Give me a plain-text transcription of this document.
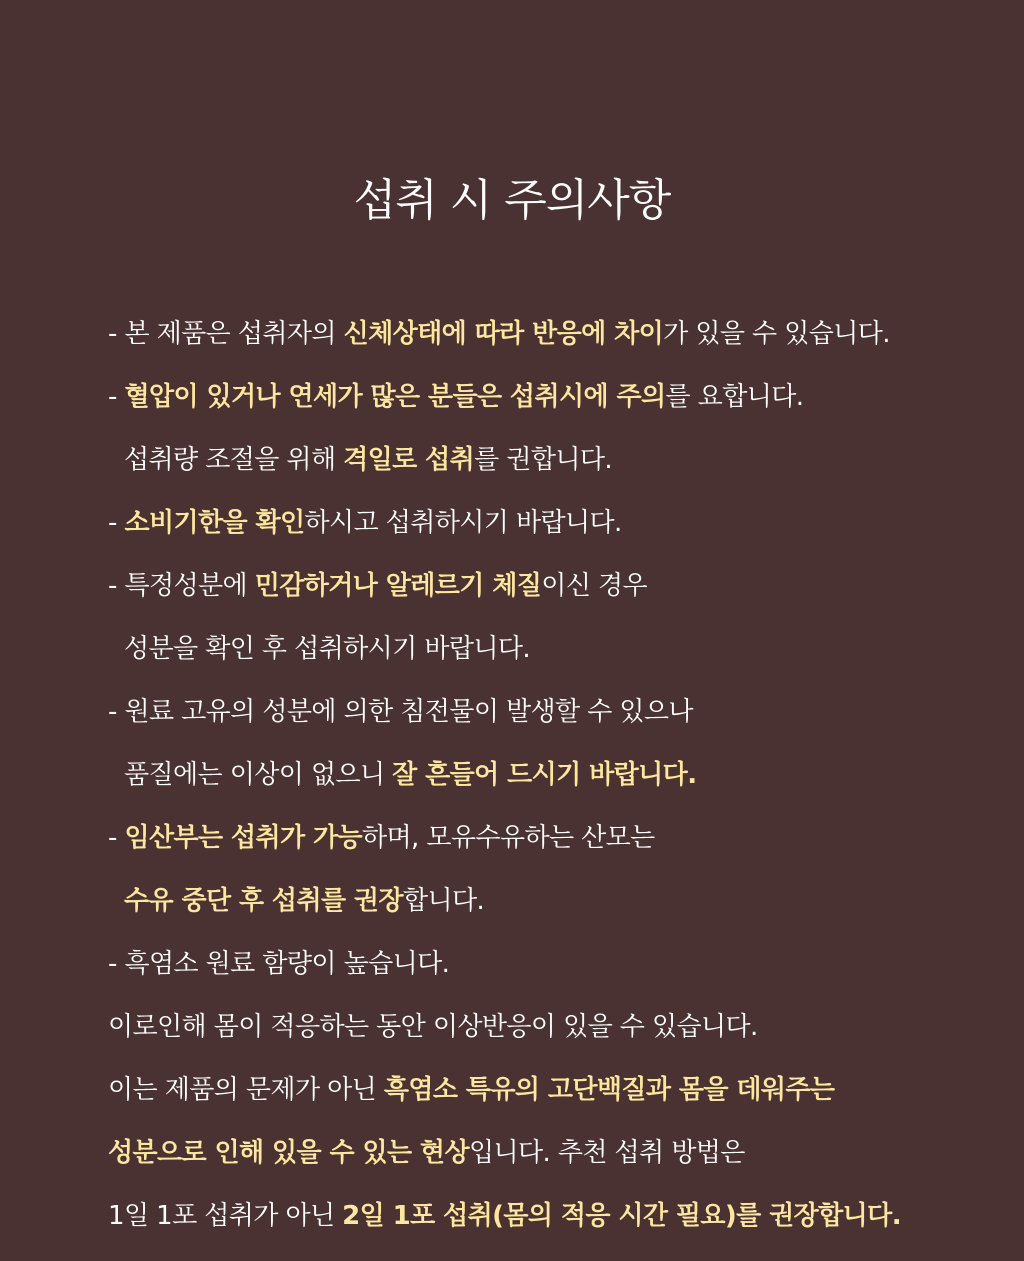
섭취 시 주의사항
- 본 제품은 섭취자의 신체상태에 따라 반응에 차이가 있을 수 있습니다.
- 혈압이 있거나 연세가 많은 분들은 섭취시에 주의를 요합니다.
섭취량 조절을 위해 격일로 섭취를 권합니다.
- 소비기한을 확인하시고 섭취하시기 바랍니다.
- 특정성분에 민감하거나 알레르기 체질이신 경우
성분을 확인 후 섭취하시기 바랍니다.
- 원료 고유의 성분에 의한 침전물이 발생할 수 있으나
품질에는 이상이 없으니 잘 흔들어 드시기 바랍니다.
- 임산부는 섭취가 가능하며, 모유수유하는 산모는
수유 중단 후 섭취를 권장합니다.
- 흑염소 원료 함량이 높습니다.
이로인해 몸이 적응하는 동안 이상반응이 있을 수 있습니다.
이는 제품의 문제가 아닌 흑염소 특유의 고단백질과 몸을 데워주는
성분으로 인해 있을 수 있는 현상입니다. 추천 섭취 방법은
1일 1포 섭취가 아닌 2일 1포 섭취(몸의 적응 시간 필요)를 권장합니다.
